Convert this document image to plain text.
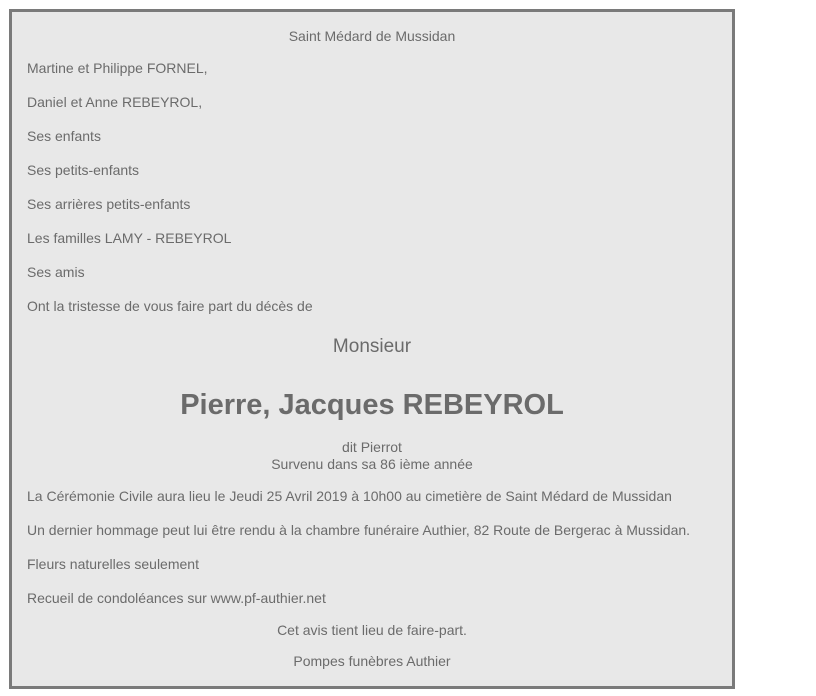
Saint Médard de Mussidan
Martine et Philippe FORNEL,
Daniel et Anne REBEYROL,
Ses enfants
Ses petits-enfants
Ses arrières petits-enfants
Les familles LAMY - REBEYROL
Ses amis
Ont la tristesse de vous faire part du décès de
Monsieur
Pierre, Jacques REBEYROL
dit Pierrot
Survenu dans sa 86 ième année
La Cérémonie Civile aura lieu le Jeudi 25 Avril 2019 à 10h00 au cimetière de Saint Médard de Mussidan
Un dernier hommage peut lui être rendu à la chambre funéraire Authier, 82 Route de Bergerac à Mussidan.
Fleurs naturelles seulement
Recueil de condoléances sur www.pf-authier.net
Cet avis tient lieu de faire-part.
Pompes funèbres Authier
